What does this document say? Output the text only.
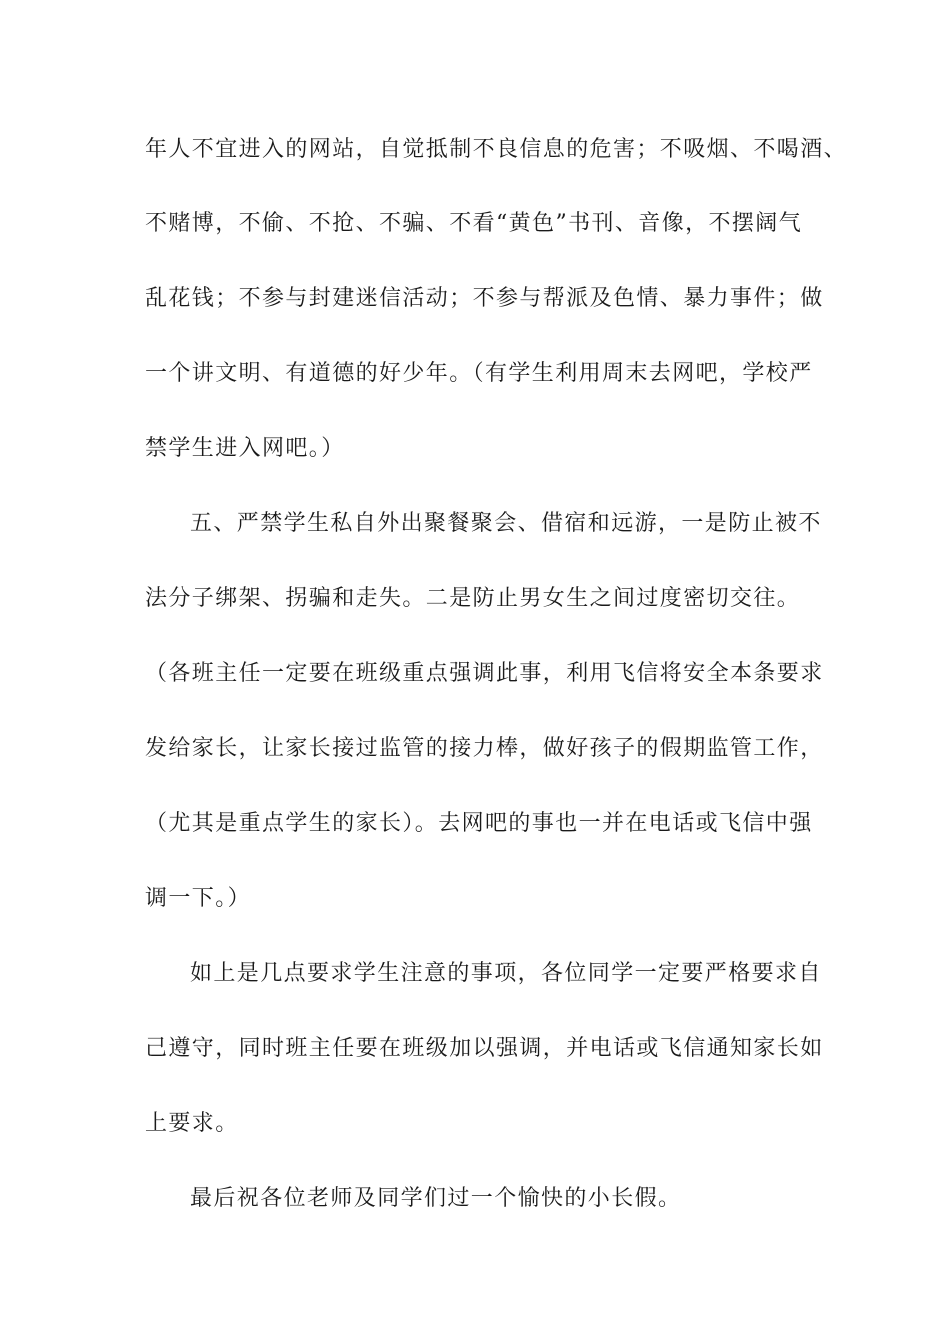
年人不宜进入的网站，自觉抵制不良信息的危害；不吸烟、不喝酒、
不赌博，不偷、不抢、不骗、不看“黄色”书刊、音像，不摆阔气
乱花钱；不参与封建迷信活动；不参与帮派及色情、暴力事件；做
一个讲文明、有道德的好少年。（有学生利用周末去网吧，学校严
禁学生进入网吧。）
五、严禁学生私自外出聚餐聚会、借宿和远游，一是防止被不
法分子绑架、拐骗和走失。二是防止男女生之间过度密切交往。
（各班主任一定要在班级重点强调此事，利用飞信将安全本条要求
发给家长，让家长接过监管的接力棒，做好孩子的假期监管工作，
（尤其是重点学生的家长）。去网吧的事也一并在电话或飞信中强
调一下。）
如上是几点要求学生注意的事项，各位同学一定要严格要求自
己遵守，同时班主任要在班级加以强调，并电话或飞信通知家长如
上要求。
最后祝各位老师及同学们过一个愉快的小长假。
